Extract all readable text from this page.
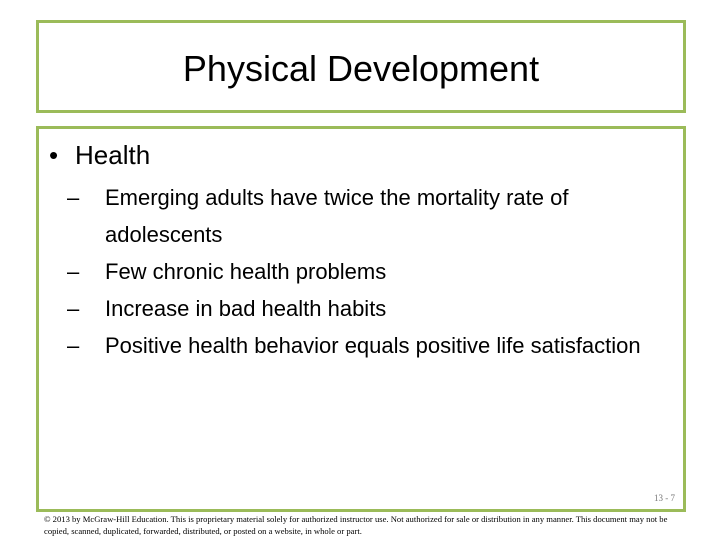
Physical Development
• Health
– Emerging adults have twice the mortality rate of adolescents
– Few chronic health problems
– Increase in bad health habits
– Positive health behavior equals positive life satisfaction
13 - 7
© 2013 by McGraw-Hill Education. This is proprietary material solely for authorized instructor use. Not authorized for sale or distribution in any manner. This document may not be copied, scanned, duplicated, forwarded, distributed, or posted on a website, in whole or part.
